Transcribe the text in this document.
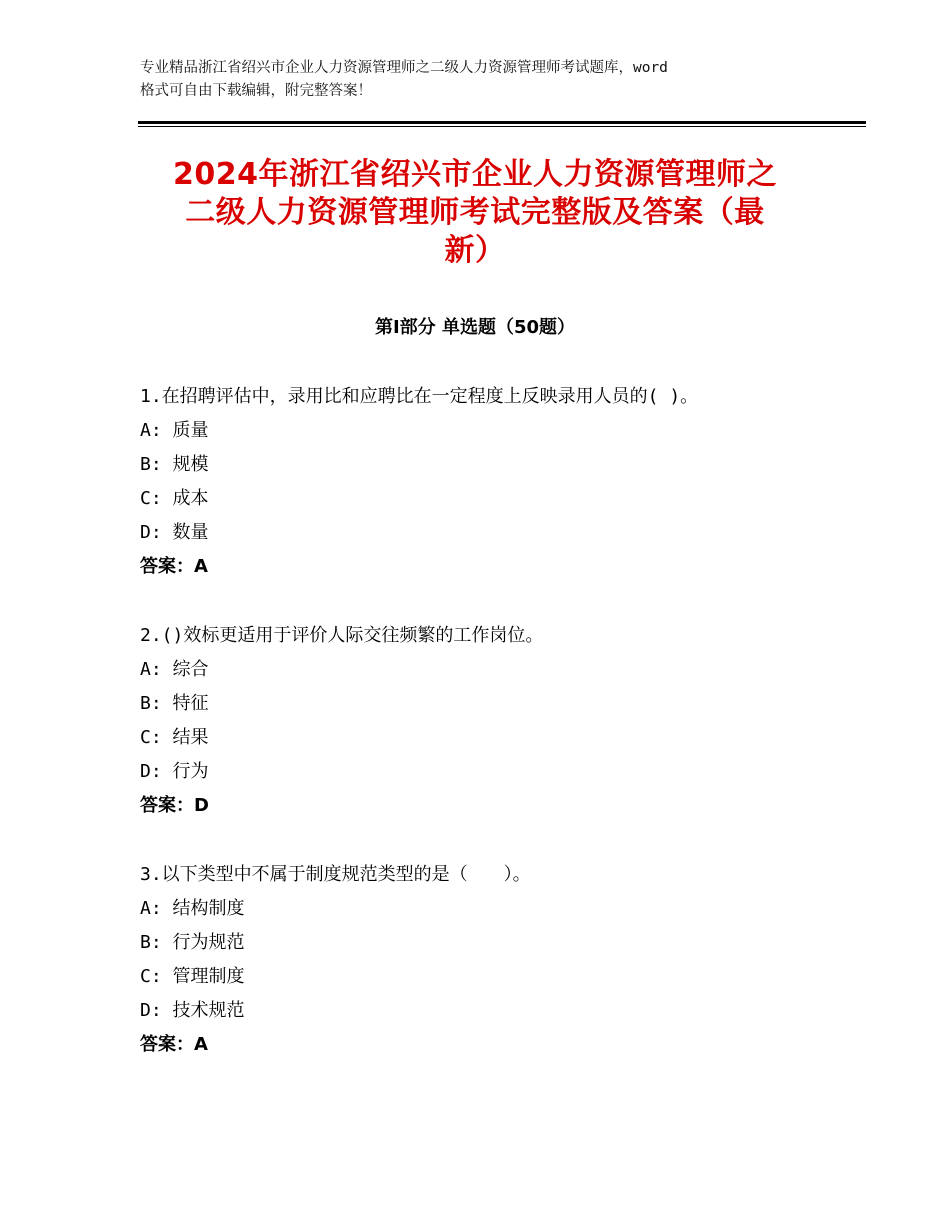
专业精品浙江省绍兴市企业人力资源管理师之二级人力资源管理师考试题库，word
格式可自由下载编辑，附完整答案！
2024年浙江省绍兴市企业人力资源管理师之
二级人力资源管理师考试完整版及答案（最
新）
第Ⅰ部分 单选题（50题）
1.在招聘评估中，录用比和应聘比在一定程度上反映录用人员的( )。
A: 质量
B: 规模
C: 成本
D: 数量
答案：A
2.()效标更适用于评价人际交往频繁的工作岗位。
A: 综合
B: 特征
C: 结果
D: 行为
答案：D
3.以下类型中不属于制度规范类型的是（　　）。
A: 结构制度
B: 行为规范
C: 管理制度
D: 技术规范
答案：A
